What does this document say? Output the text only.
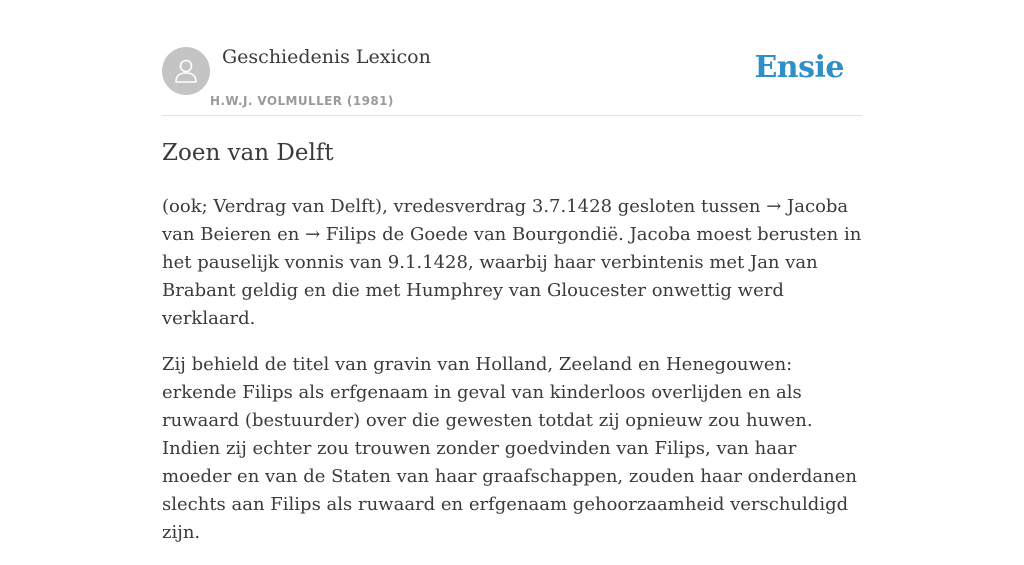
Geschiedenis Lexicon
H.W.J. VOLMULLER (1981)
Ensie
Zoen van Delft

(ook; Verdrag van Delft), vredesverdrag 3.7.1428 gesloten tussen → Jacoba van Beieren en → Filips de Goede van Bourgondië. Jacoba moest berusten in het pauselijk vonnis van 9.1.1428, waarbij haar verbintenis met Jan van Brabant geldig en die met Humphrey van Gloucester onwettig werd verklaard.

Zij behield de titel van gravin van Holland, Zeeland en Henegouwen: erkende Filips als erfgenaam in geval van kinderloos overlijden en als ruwaard (bestuurder) over die gewesten totdat zij opnieuw zou huwen. Indien zij echter zou trouwen zonder goedvinden van Filips, van haar moeder en van de Staten van haar graafschappen, zouden haar onderdanen slechts aan Filips als ruwaard en erfgenaam gehoorzaamheid verschuldigd zijn.
